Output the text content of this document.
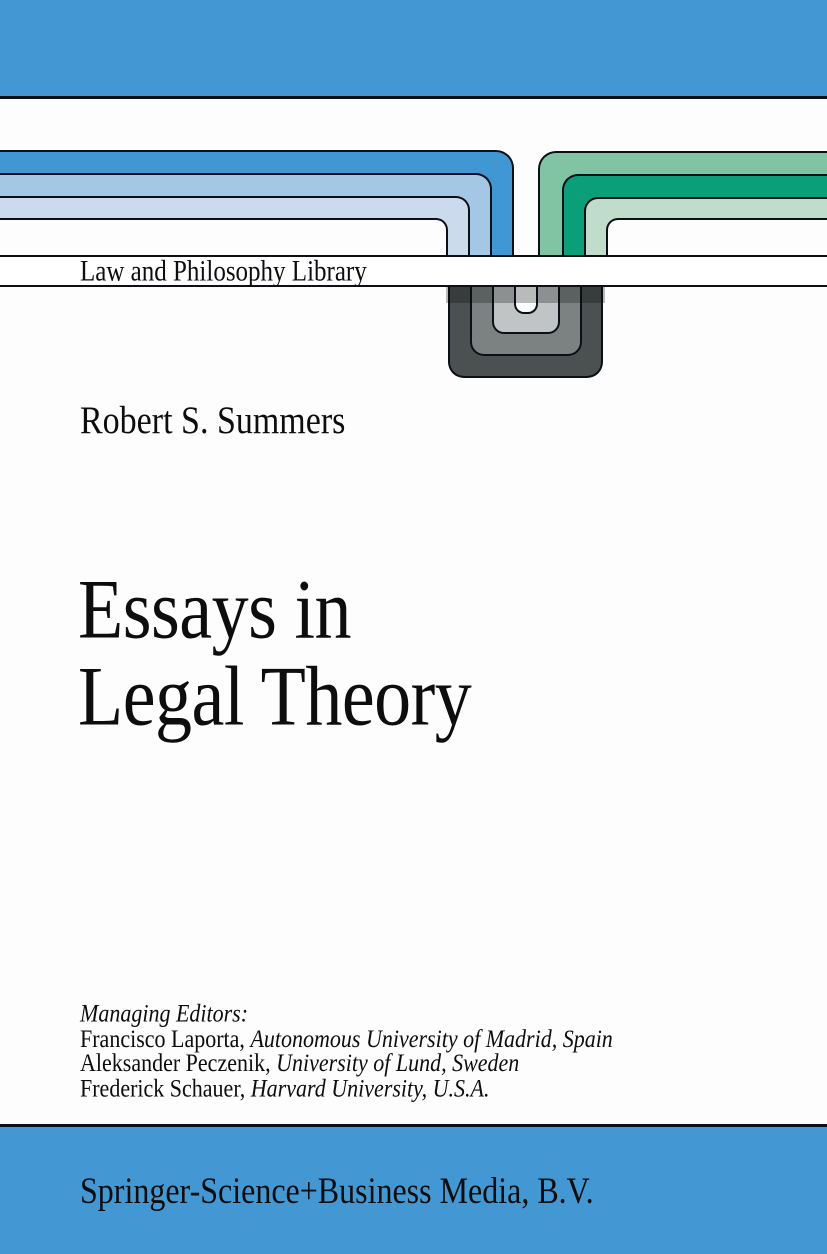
Law and Philosophy Library
Robert S. Summers
Essays in
Legal Theory
Managing Editors:
Francisco Laporta, Autonomous University of Madrid, Spain
Aleksander Peczenik, University of Lund, Sweden
Frederick Schauer, Harvard University, U.S.A.
Springer-Science+Business Media, B.V.
